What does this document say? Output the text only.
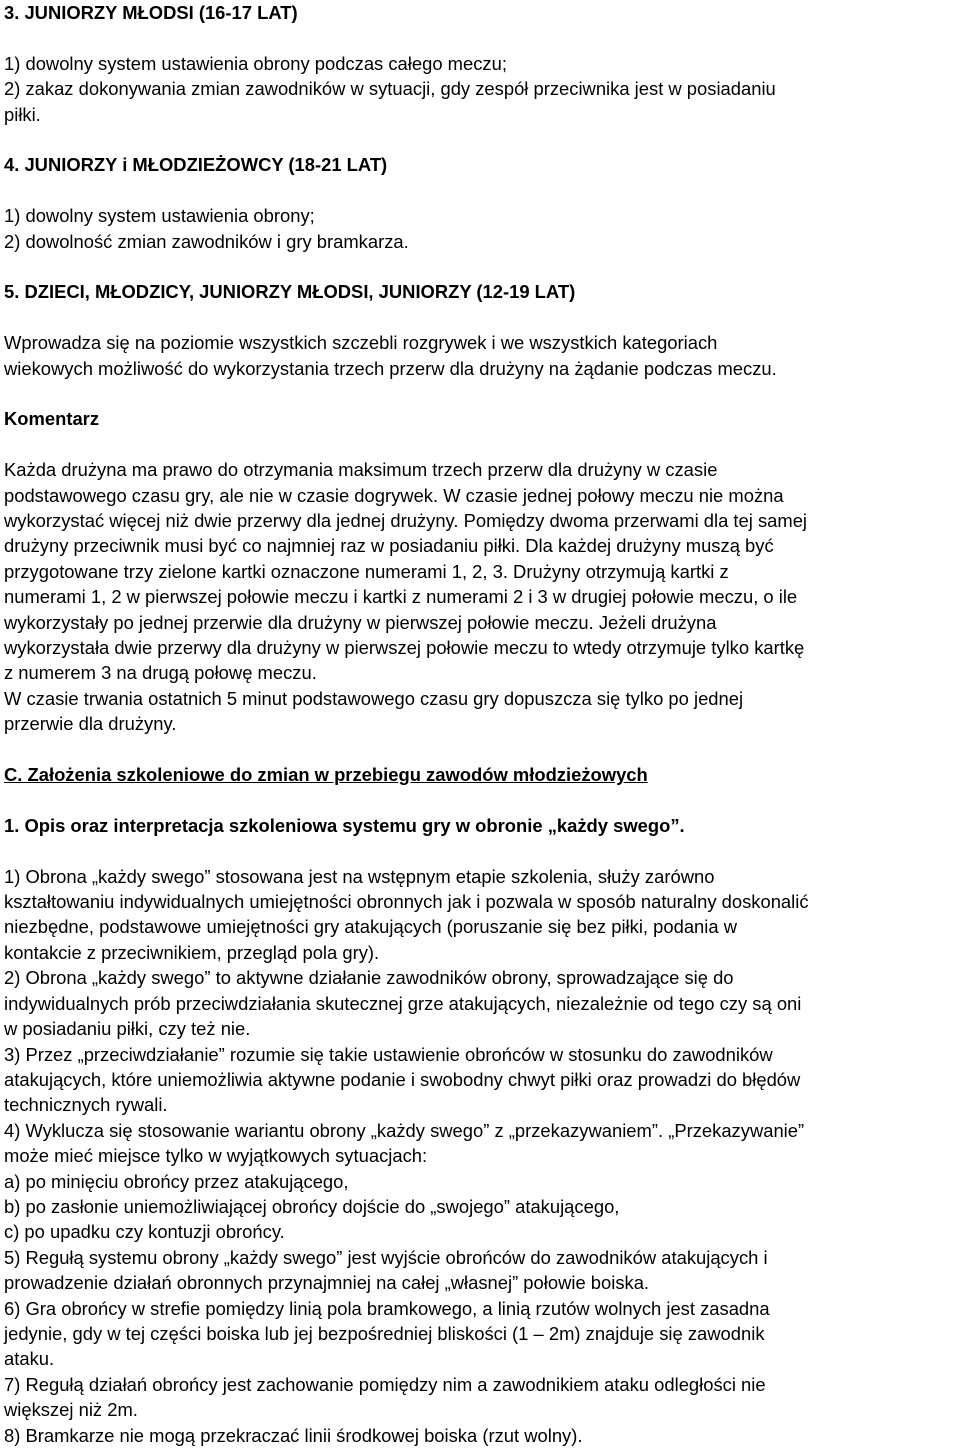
3. JUNIORZY MŁODSI (16-17 LAT)
1) dowolny system ustawienia obrony podczas całego meczu;
2) zakaz dokonywania zmian zawodników w sytuacji, gdy zespół przeciwnika jest w posiadaniu
piłki.
4. JUNIORZY i MŁODZIEŻOWCY (18-21 LAT)
1) dowolny system ustawienia obrony;
2) dowolność zmian zawodników i gry bramkarza.
5. DZIECI, MŁODZICY, JUNIORZY MŁODSI, JUNIORZY (12-19 LAT)
Wprowadza się na poziomie wszystkich szczebli rozgrywek i we wszystkich kategoriach
wiekowych możliwość do wykorzystania trzech przerw dla drużyny na żądanie podczas meczu.
Komentarz
Każda drużyna ma prawo do otrzymania maksimum trzech przerw dla drużyny w czasie
podstawowego czasu gry, ale nie w czasie dogrywek. W czasie jednej połowy meczu nie można
wykorzystać więcej niż dwie przerwy dla jednej drużyny. Pomiędzy dwoma przerwami dla tej samej
drużyny przeciwnik musi być co najmniej raz w posiadaniu piłki. Dla każdej drużyny muszą być
przygotowane trzy zielone kartki oznaczone numerami 1, 2, 3. Drużyny otrzymują kartki z
numerami 1, 2 w pierwszej połowie meczu i kartki z numerami 2 i 3 w drugiej połowie meczu, o ile
wykorzystały po jednej przerwie dla drużyny w pierwszej połowie meczu. Jeżeli drużyna
wykorzystała dwie przerwy dla drużyny w pierwszej połowie meczu to wtedy otrzymuje tylko kartkę
z numerem 3 na drugą połowę meczu.
W czasie trwania ostatnich 5 minut podstawowego czasu gry dopuszcza się tylko po jednej
przerwie dla drużyny.
C. Założenia szkoleniowe do zmian w przebiegu zawodów młodzieżowych
1. Opis oraz interpretacja szkoleniowa systemu gry w obronie „każdy swego”.
1) Obrona „każdy swego” stosowana jest na wstępnym etapie szkolenia, służy zarówno
kształtowaniu indywidualnych umiejętności obronnych jak i pozwala w sposób naturalny doskonalić
niezbędne, podstawowe umiejętności gry atakujących (poruszanie się bez piłki, podania w
kontakcie z przeciwnikiem, przegląd pola gry).
2) Obrona „każdy swego” to aktywne działanie zawodników obrony, sprowadzające się do
indywidualnych prób przeciwdziałania skutecznej grze atakujących, niezależnie od tego czy są oni
w posiadaniu piłki, czy też nie.
3) Przez „przeciwdziałanie” rozumie się takie ustawienie obrońców w stosunku do zawodników
atakujących, które uniemożliwia aktywne podanie i swobodny chwyt piłki oraz prowadzi do błędów
technicznych rywali.
4) Wyklucza się stosowanie wariantu obrony „każdy swego” z „przekazywaniem”. „Przekazywanie”
może mieć miejsce tylko w wyjątkowych sytuacjach:
a) po minięciu obrońcy przez atakującego,
b) po zasłonie uniemożliwiającej obrońcy dojście do „swojego” atakującego,
c) po upadku czy kontuzji obrońcy.
5) Regułą systemu obrony „każdy swego” jest wyjście obrońców do zawodników atakujących i
prowadzenie działań obronnych przynajmniej na całej „własnej” połowie boiska.
6) Gra obrońcy w strefie pomiędzy linią pola bramkowego, a linią rzutów wolnych jest zasadna
jedynie, gdy w tej części boiska lub jej bezpośredniej bliskości (1 – 2m) znajduje się zawodnik
ataku.
7) Regułą działań obrońcy jest zachowanie pomiędzy nim a zawodnikiem ataku odległości nie
większej niż 2m.
8) Bramkarze nie mogą przekraczać linii środkowej boiska (rzut wolny).
